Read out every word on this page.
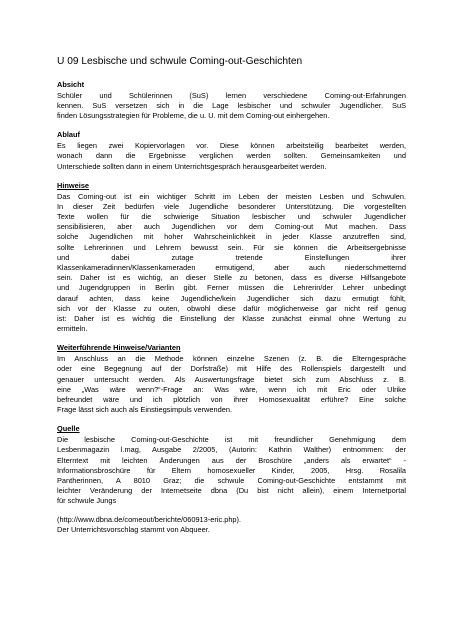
U 09 Lesbische und schwule Coming-out-Geschichten
Absicht
Schüler und Schülerinnen (SuS) lernen verschiedene Coming-out-Erfahrungen
kennen. SuS versetzen sich in die Lage lesbischer und schwuler Jugendlicher. SuS
finden Lösungsstrategien für Probleme, die u. U. mit dem Coming-out einhergehen.
Ablauf
Es liegen zwei Kopiervorlagen vor. Diese können arbeitsteilig bearbeitet werden,
wonach dann die Ergebnisse verglichen werden sollten. Gemeinsamkeiten und
Unterschiede sollten dann in einem Unterrichtsgespräch herausgearbeitet werden.
Hinweise
Das Coming-out ist ein wichtiger Schritt im Leben der meisten Lesben und Schwulen.
In dieser Zeit bedürfen viele Jugendliche besonderer Unterstützung. Die vorgestellten
Texte wollen für die schwierige Situation lesbischer und schwuler Jugendlicher
sensibilisieren, aber auch Jugendlichen vor dem Coming-out Mut machen. Dass
solche Jugendlichen mit hoher Wahrscheinlichkeit in jeder Klasse anzutreffen sind,
sollte Lehrerinnen und Lehrern bewusst sein. Für sie können die Arbeitsergebnisse
und dabei zutage tretende Einstellungen ihrer
Klassenkameradinnen/Klassenkameraden ermutigend, aber auch niederschmetternd
sein. Daher ist es wichtig, an dieser Stelle zu betonen, dass es diverse Hilfsangebote
und Jugendgruppen in Berlin gibt. Ferner müssen die Lehrerin/der Lehrer unbedingt
darauf achten, dass keine Jugendliche/kein Jugendlicher sich dazu ermutigt fühlt,
sich vor der Klasse zu outen, obwohl diese dafür möglicherweise gar nicht reif genug
ist: Daher ist es wichtig die Einstellung der Klasse zunächst einmal ohne Wertung zu
ermitteln.
Weiterführende Hinweise/Varianten
Im Anschluss an die Methode können einzelne Szenen (z. B. die Elterngespräche
oder eine Begegnung auf der Dorfstraße) mit Hilfe des Rollenspiels dargestellt und
genauer untersucht werden. Als Auswertungsfrage bietet sich zum Abschluss z. B.
eine „Was wäre wenn?“-Frage an: Was wäre, wenn ich mit Eric oder Ulrike
befreundet wäre und ich plötzlich von ihrer Homosexualität erführe? Eine solche
Frage lässt sich auch als Einstiegsimpuls verwenden.
Quelle
Die lesbische Coming-out-Geschichte ist mit freundlicher Genehmigung dem
Lesbenmagazin l.mag, Ausgabe 2/2005, (Autorin: Kathrin Walther) entnommen: der
Elterntext mit leichten Änderungen aus der Broschüre „anders als erwartet“ -
Informationsbroschüre für Eltern homosexueller Kinder, 2005, Hrsg. Rosalila
Pantherinnen, A 8010 Graz; die schwule Coming-out-Geschichte entstammt mit
leichter Veränderung der Internetseite dbna (Du bist nicht allein), einem Internetportal
für schwule Jungs
(http://www.dbna.de/comeout/berichte/060913-eric.php).
Der Unterrichtsvorschlag stammt von Abqueer.
